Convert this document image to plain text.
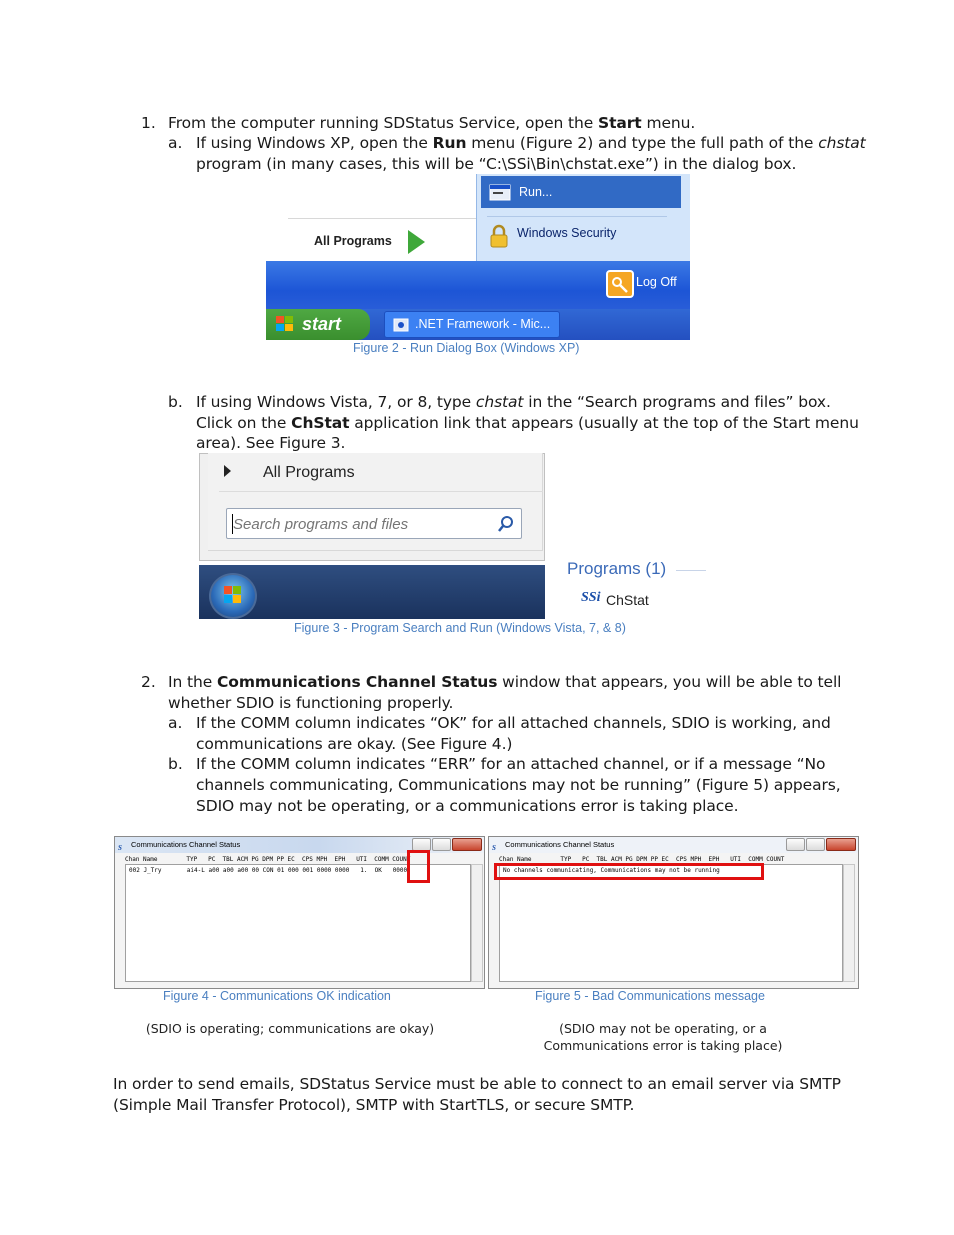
1. From the computer running SDStatus Service, open the Start menu.
a. If using Windows XP, open the Run menu (Figure 2) and type the full path of the chstat
program (in many cases, this will be “C:\SSi\Bin\chstat.exe”) in the dialog box.
All Programs
Run...
Windows Security
Log Off
start	.NET Framework - Mic...
Figure 2 - Run Dialog Box (Windows XP)
b. If using Windows Vista, 7, or 8, type chstat in the “Search programs and files” box.
Click on the ChStat application link that appears (usually at the top of the Start menu
area). See Figure 3.
All Programs
Search programs and files
Programs (1)
SSi ChStat
Figure 3 - Program Search and Run (Windows Vista, 7, & 8)
2. In the Communications Channel Status window that appears, you will be able to tell
whether SDIO is functioning properly.
a. If the COMM column indicates “OK” for all attached channels, SDIO is working, and
communications are okay. (See Figure 4.)
b. If the COMM column indicates “ERR” for an attached channel, or if a message “No
channels communicating, Communications may not be running” (Figure 5) appears,
SDIO may not be operating, or a communications error is taking place.
S Communications Channel Status
Chan Name        TYP   PC  TBL ACM PG DPM PP EC  CPS MPH  EPH   UTI  COMM COUNT
002 J_Try       ai4-L a00 a00 a00 00 CON 01 000 001 0000 0000   1.  OK   0000
S Communications Channel Status
Chan Name        TYP   PC  TBL ACM PG DPM PP EC  CPS MPH  EPH   UTI  COMM COUNT
No channels communicating, Communications may not be running
Figure 4 - Communications OK indication	Figure 5 - Bad Communications message
(SDIO is operating; communications are okay)	(SDIO may not be operating, or a
Communications error is taking place)
In order to send emails, SDStatus Service must be able to connect to an email server via SMTP
(Simple Mail Transfer Protocol), SMTP with StartTLS, or secure SMTP.
